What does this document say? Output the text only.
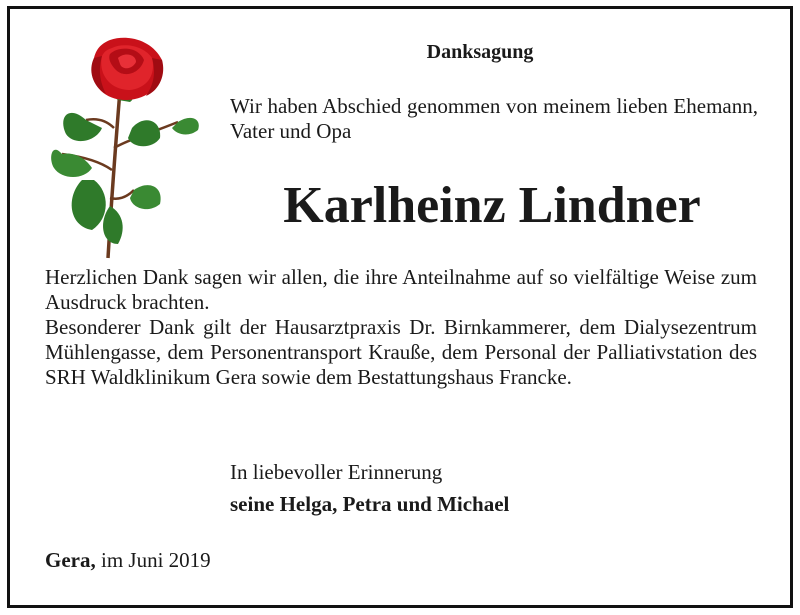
Danksagung

Wir haben Abschied genommen von meinem lieben Ehemann, Vater und Opa

Karlheinz Lindner

Herzlichen Dank sagen wir allen, die ihre Anteilnahme auf so vielfältige Weise zum Ausdruck brachten.

Besonderer Dank gilt der Hausarztpraxis Dr. Birnkammerer, dem Dialysezentrum Mühlengasse, dem Personentransport Krauße, dem Personal der Palliativstation des SRH Waldklinikum Gera sowie dem Bestattungshaus Francke.

In liebevoller Erinnerung
seine Helga, Petra und Michael

Gera, im Juni 2019
